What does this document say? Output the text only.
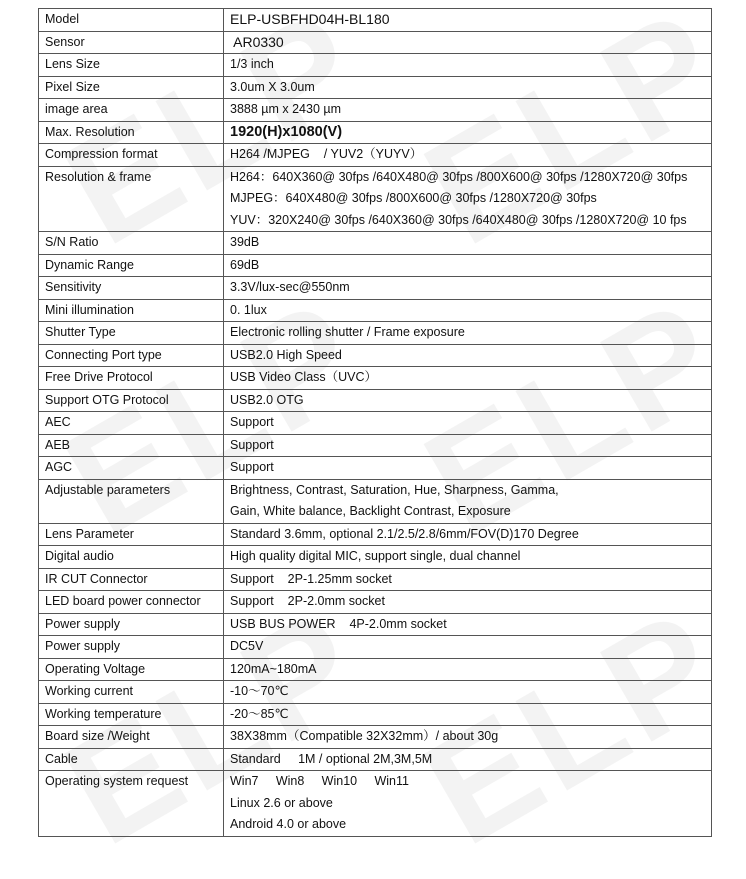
Model	ELP-USBFHD04H-BL180

Sensor	AR0330

Lens Size	1/3 inch

Pixel Size	3.0um X 3.0um

image area	3888 µm x 2430 µm

Max. Resolution	1920(H)x1080(V)

Compression format	H264 /MJPEG    / YUV2（YUYV）

Resolution & frame	H264：640X360@ 30fps /640X480@ 30fps /800X600@ 30fps /1280X720@ 30fps
MJPEG：640X480@ 30fps /800X600@ 30fps /1280X720@ 30fps
YUV：320X240@ 30fps /640X360@ 30fps /640X480@ 30fps /1280X720@ 10 fps

S/N Ratio	39dB

Dynamic Range	69dB

Sensitivity	3.3V/lux-sec@550nm

Mini illumination	0. 1lux

Shutter Type	Electronic rolling shutter / Frame exposure

Connecting Port type	USB2.0 High Speed

Free Drive Protocol	USB Video Class（UVC）

Support OTG Protocol	USB2.0 OTG

AEC	Support

AEB	Support

AGC	Support

Adjustable parameters	Brightness, Contrast, Saturation, Hue, Sharpness, Gamma,
Gain, White balance, Backlight Contrast, Exposure

Lens Parameter	Standard 3.6mm, optional 2.1/2.5/2.8/6mm/FOV(D)170 Degree

Digital audio	High quality digital MIC, support single, dual channel

IR CUT Connector	Support    2P-1.25mm socket

LED board power connector	Support    2P-2.0mm socket

Power supply	USB BUS POWER    4P-2.0mm socket

Power supply	DC5V

Operating Voltage	120mA~180mA

Working current	-10～70℃

Working temperature	-20～85℃

Board size /Weight	38X38mm（Compatible 32X32mm）/ about 30g

Cable	Standard     1M / optional 2M,3M,5M

Operating system request	Win7     Win8     Win10     Win11
Linux 2.6 or above
Android 4.0 or above
